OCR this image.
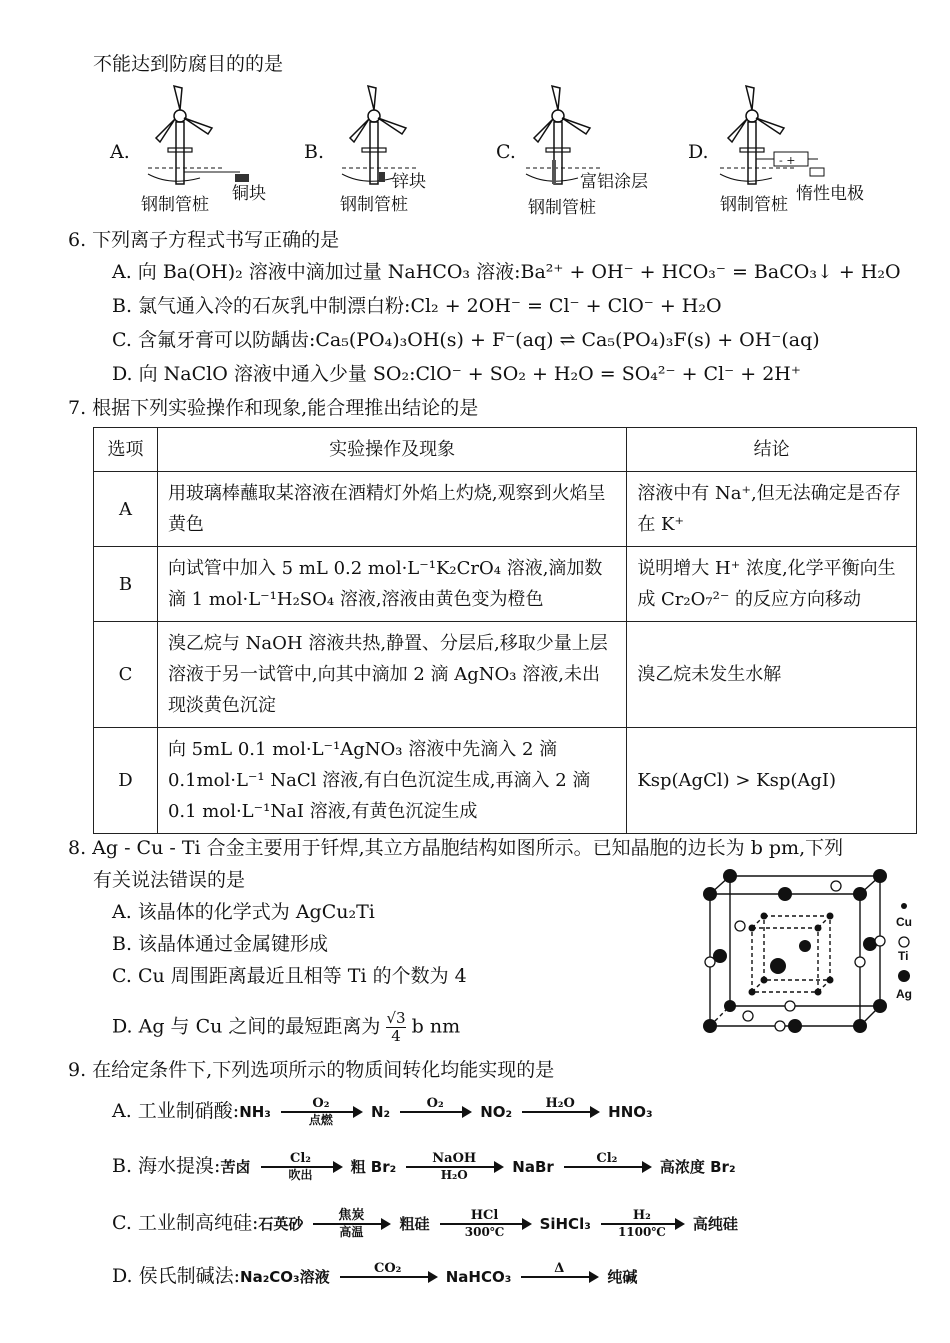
不能达到防腐目的的是
A.	B.	C.	D.	- +
钢制管桩
铜块
钢制管桩
锌块
钢制管桩
富铝涂层
钢制管桩
惰性电极
6. 下列离子方程式书写正确的是
A. 向 Ba(OH)₂ 溶液中滴加过量 NaHCO₃ 溶液:Ba²⁺ + OH⁻ + HCO₃⁻ = BaCO₃↓ + H₂O
B. 氯气通入冷的石灰乳中制漂白粉:Cl₂ + 2OH⁻ = Cl⁻ + ClO⁻ + H₂O
C. 含氟牙膏可以防龋齿:Ca₅(PO₄)₃OH(s) + F⁻(aq) ⇌ Ca₅(PO₄)₃F(s) + OH⁻(aq)
D. 向 NaClO 溶液中通入少量 SO₂:ClO⁻ + SO₂ + H₂O = SO₄²⁻ + Cl⁻ + 2H⁺
7. 根据下列实验操作和现象,能合理推出结论的是
选项	实验操作及现象	结论
A	用玻璃棒蘸取某溶液在酒精灯外焰上灼烧,观察到火焰呈黄色	溶液中有 Na⁺,但无法确定是否存在 K⁺
B	向试管中加入 5 mL 0.2 mol·L⁻¹K₂CrO₄ 溶液,滴加数滴 1 mol·L⁻¹H₂SO₄ 溶液,溶液由黄色变为橙色	说明增大 H⁺ 浓度,化学平衡向生成 Cr₂O₇²⁻ 的反应方向移动
C	溴乙烷与 NaOH 溶液共热,静置、分层后,移取少量上层溶液于另一试管中,向其中滴加 2 滴 AgNO₃ 溶液,未出现淡黄色沉淀	溴乙烷未发生水解
D	向 5mL 0.1 mol·L⁻¹AgNO₃ 溶液中先滴入 2 滴 0.1mol·L⁻¹ NaCl 溶液,有白色沉淀生成,再滴入 2 滴 0.1 mol·L⁻¹NaI 溶液,有黄色沉淀生成	Ksp(AgCl) > Ksp(AgI)
8. Ag - Cu - Ti 合金主要用于钎焊,其立方晶胞结构如图所示。已知晶胞的边长为 b pm,下列
有关说法错误的是
A. 该晶体的化学式为 AgCu₂Ti
B. 该晶体通过金属键形成
C. Cu 周围距离最近且相等 Ti 的个数为 4
D. Ag 与 Cu 之间的最短距离为 $\frac{√3}{4}$ b nm
Cu
Ti
Ag
9. 在给定条件下,下列选项所示的物质间转化均能实现的是
A. 工业制硝酸:NH₃	O₂
点燃	N₂	O₂
	NO₂	H₂O
	HNO₃
B. 海水提溴:苦卤	Cl₂
吹出	粗 Br₂	NaOH
H₂O	NaBr	Cl₂
	高浓度 Br₂
C. 工业制高纯硅:石英砂	焦炭
高温	粗硅	HCl
300℃	SiHCl₃ $\frac{\text{H₂}}{1100℃}$ 高纯硅
D. 侯氏制碱法:Na₂CO₃溶液	CO₂
	NaHCO₃	Δ
	纯碱
